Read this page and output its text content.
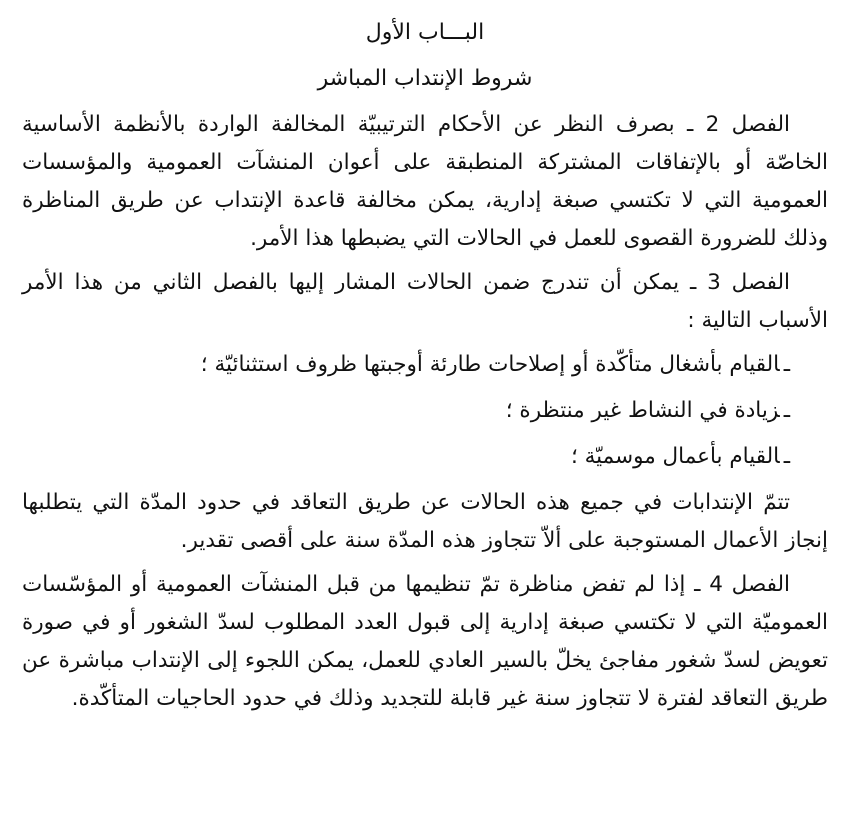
البـــاب الأول
شروط الإنتداب المباشر

الفصل 2 ـ بصرف النظر عن الأحكام الترتيبيّة المخالفة الواردة بالأنظمة الأساسية الخاصّة أو بالإتفاقات المشتركة المنطبقة على أعوان المنشآت العمومية والمؤسسات العمومية التي لا تكتسي صبغة إدارية، يمكن مخالفة قاعدة الإنتداب عن طريق المناظرة وذلك للضرورة القصوى للعمل في الحالات التي يضبطها هذا الأمر.

الفصل 3 ـ يمكن أن تندرج ضمن الحالات المشار إليها بالفصل الثاني من هذا الأمر الأسباب التالية :

ـالقيام بأشغال متأكّدة أو إصلاحات طارئة أوجبتها ظروف استثنائيّة ؛
ـزيادة في النشاط غير منتظرة ؛
ـالقيام بأعمال موسميّة ؛

تتمّ الإنتدابات في جميع هذه الحالات عن طريق التعاقد في حدود المدّة التي يتطلبها إنجاز الأعمال المستوجبة على ألاّ تتجاوز هذه المدّة سنة على أقصى تقدير.

الفصل 4 ـ إذا لم تفض مناظرة تمّ تنظيمها من قبل المنشآت العمومية أو المؤسّسات العموميّة التي لا تكتسي صبغة إدارية إلى قبول العدد المطلوب لسدّ الشغور أو في صورة تعويض لسدّ شغور مفاجئ يخلّ بالسير العادي للعمل، يمكن اللجوء إلى الإنتداب مباشرة عن طريق التعاقد لفترة لا تتجاوز سنة غير قابلة للتجديد وذلك في حدود الحاجيات المتأكّدة.
